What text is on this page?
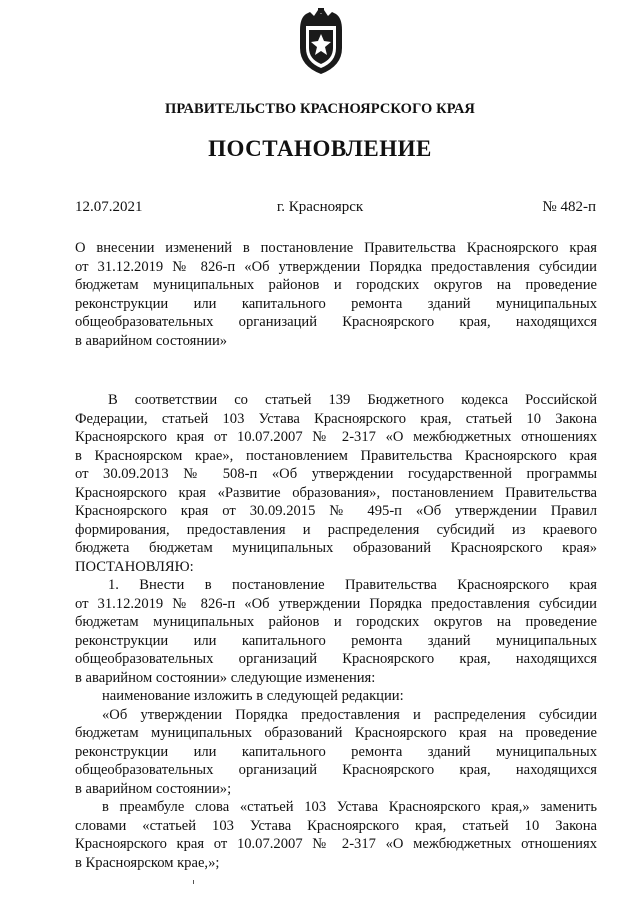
ПРАВИТЕЛЬСТВО КРАСНОЯРСКОГО КРАЯ
ПОСТАНОВЛЕНИЕ
12.07.2021	г. Красноярск	№ 482-п
О внесении изменений в постановление Правительства Красноярского края
от 31.12.2019 № 826-п «Об утверждении Порядка предоставления субсидии
бюджетам муниципальных районов и городских округов на проведение
реконструкции или капитального ремонта зданий муниципальных
общеобразовательных организаций Красноярского края, находящихся
в аварийном состоянии»
В соответствии со статьей 139 Бюджетного кодекса Российской
Федерации, статьей 103 Устава Красноярского края, статьей 10 Закона
Красноярского края от 10.07.2007 № 2-317 «О межбюджетных отношениях
в Красноярском крае», постановлением Правительства Красноярского края
от 30.09.2013 № 508-п «Об утверждении государственной программы
Красноярского края «Развитие образования», постановлением Правительства
Красноярского края от 30.09.2015 № 495-п «Об утверждении Правил
формирования, предоставления и распределения субсидий из краевого
бюджета бюджетам муниципальных образований Красноярского края»
ПОСТАНОВЛЯЮ:
1. Внести в постановление Правительства Красноярского края
от 31.12.2019 № 826-п «Об утверждении Порядка предоставления субсидии
бюджетам муниципальных районов и городских округов на проведение
реконструкции или капитального ремонта зданий муниципальных
общеобразовательных организаций Красноярского края, находящихся
в аварийном состоянии» следующие изменения:
наименование изложить в следующей редакции:
«Об утверждении Порядка предоставления и распределения субсидии
бюджетам муниципальных образований Красноярского края на проведение
реконструкции или капитального ремонта зданий муниципальных
общеобразовательных организаций Красноярского края, находящихся
в аварийном состоянии»;
в преамбуле слова «статьей 103 Устава Красноярского края,» заменить
словами «статьей 103 Устава Красноярского края, статьей 10 Закона
Красноярского края от 10.07.2007 № 2-317 «О межбюджетных отношениях
в Красноярском крае,»;
